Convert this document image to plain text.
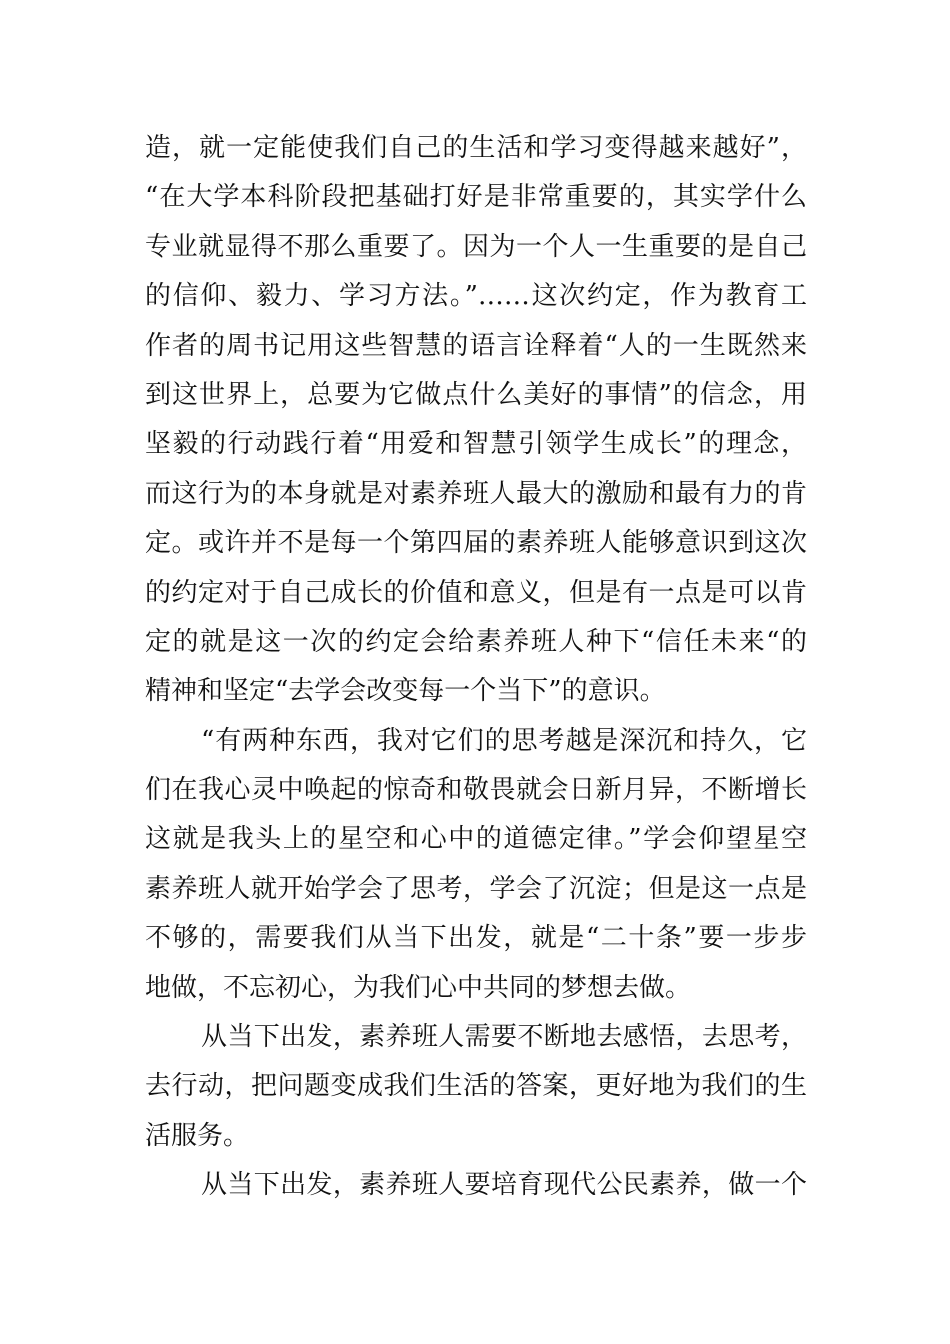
造，就一定能使我们自己的生活和学习变得越来越好”，
“在大学本科阶段把基础打好是非常重要的，其实学什么
专业就显得不那么重要了。因为一个人一生重要的是自己
的信仰、毅力、学习方法。”……这次约定，作为教育工
作者的周书记用这些智慧的语言诠释着“人的一生既然来
到这世界上，总要为它做点什么美好的事情”的信念，用
坚毅的行动践行着“用爱和智慧引领学生成长”的理念，
而这行为的本身就是对素养班人最大的激励和最有力的肯
定。或许并不是每一个第四届的素养班人能够意识到这次
的约定对于自己成长的价值和意义，但是有一点是可以肯
定的就是这一次的约定会给素养班人种下“信任未来“的
精神和坚定“去学会改变每一个当下”的意识。
“有两种东西，我对它们的思考越是深沉和持久，它
们在我心灵中唤起的惊奇和敬畏就会日新月异，不断增长
这就是我头上的星空和心中的道德定律。”学会仰望星空
素养班人就开始学会了思考，学会了沉淀；但是这一点是
不够的，需要我们从当下出发，就是“二十条”要一步步
地做，不忘初心，为我们心中共同的梦想去做。
从当下出发，素养班人需要不断地去感悟，去思考，
去行动，把问题变成我们生活的答案，更好地为我们的生
活服务。
从当下出发，素养班人要培育现代公民素养，做一个
